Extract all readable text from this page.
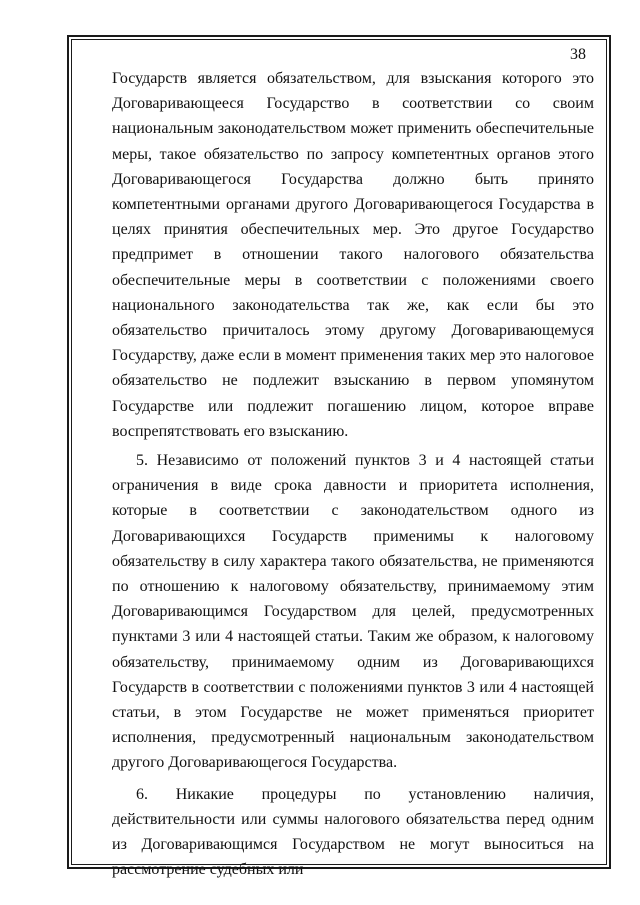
38

Государств является обязательством, для взыскания которого это Договаривающееся Государство в соответствии со своим национальным законодательством может применить обеспечительные меры, такое обязательство по запросу компетентных органов этого Договаривающегося Государства должно быть принято компетентными органами другого Договаривающегося Государства в целях принятия обеспечительных мер. Это другое Государство предпримет в отношении такого налогового обязательства обеспечительные меры в соответствии с положениями своего национального законодательства так же, как если бы это обязательство причиталось этому другому Договаривающемуся Государству, даже если в момент применения таких мер это налоговое обязательство не подлежит взысканию в первом упомянутом Государстве или подлежит погашению лицом, которое вправе воспрепятствовать его взысканию.

5. Независимо от положений пунктов 3 и 4 настоящей статьи ограничения в виде срока давности и приоритета исполнения, которые в соответствии с законодательством одного из Договаривающихся Государств применимы к налоговому обязательству в силу характера такого обязательства, не применяются по отношению к налоговому обязательству, принимаемому этим Договаривающимся Государством для целей, предусмотренных пунктами 3 или 4 настоящей статьи. Таким же образом, к налоговому обязательству, принимаемому одним из Договаривающихся Государств в соответствии с положениями пунктов 3 или 4 настоящей статьи, в этом Государстве не может применяться приоритет исполнения, предусмотренный национальным законодательством другого Договаривающегося Государства.

6. Никакие процедуры по установлению наличия, действительности или суммы налогового обязательства перед одним из Договаривающимся Государством не могут выноситься на рассмотрение судебных или
